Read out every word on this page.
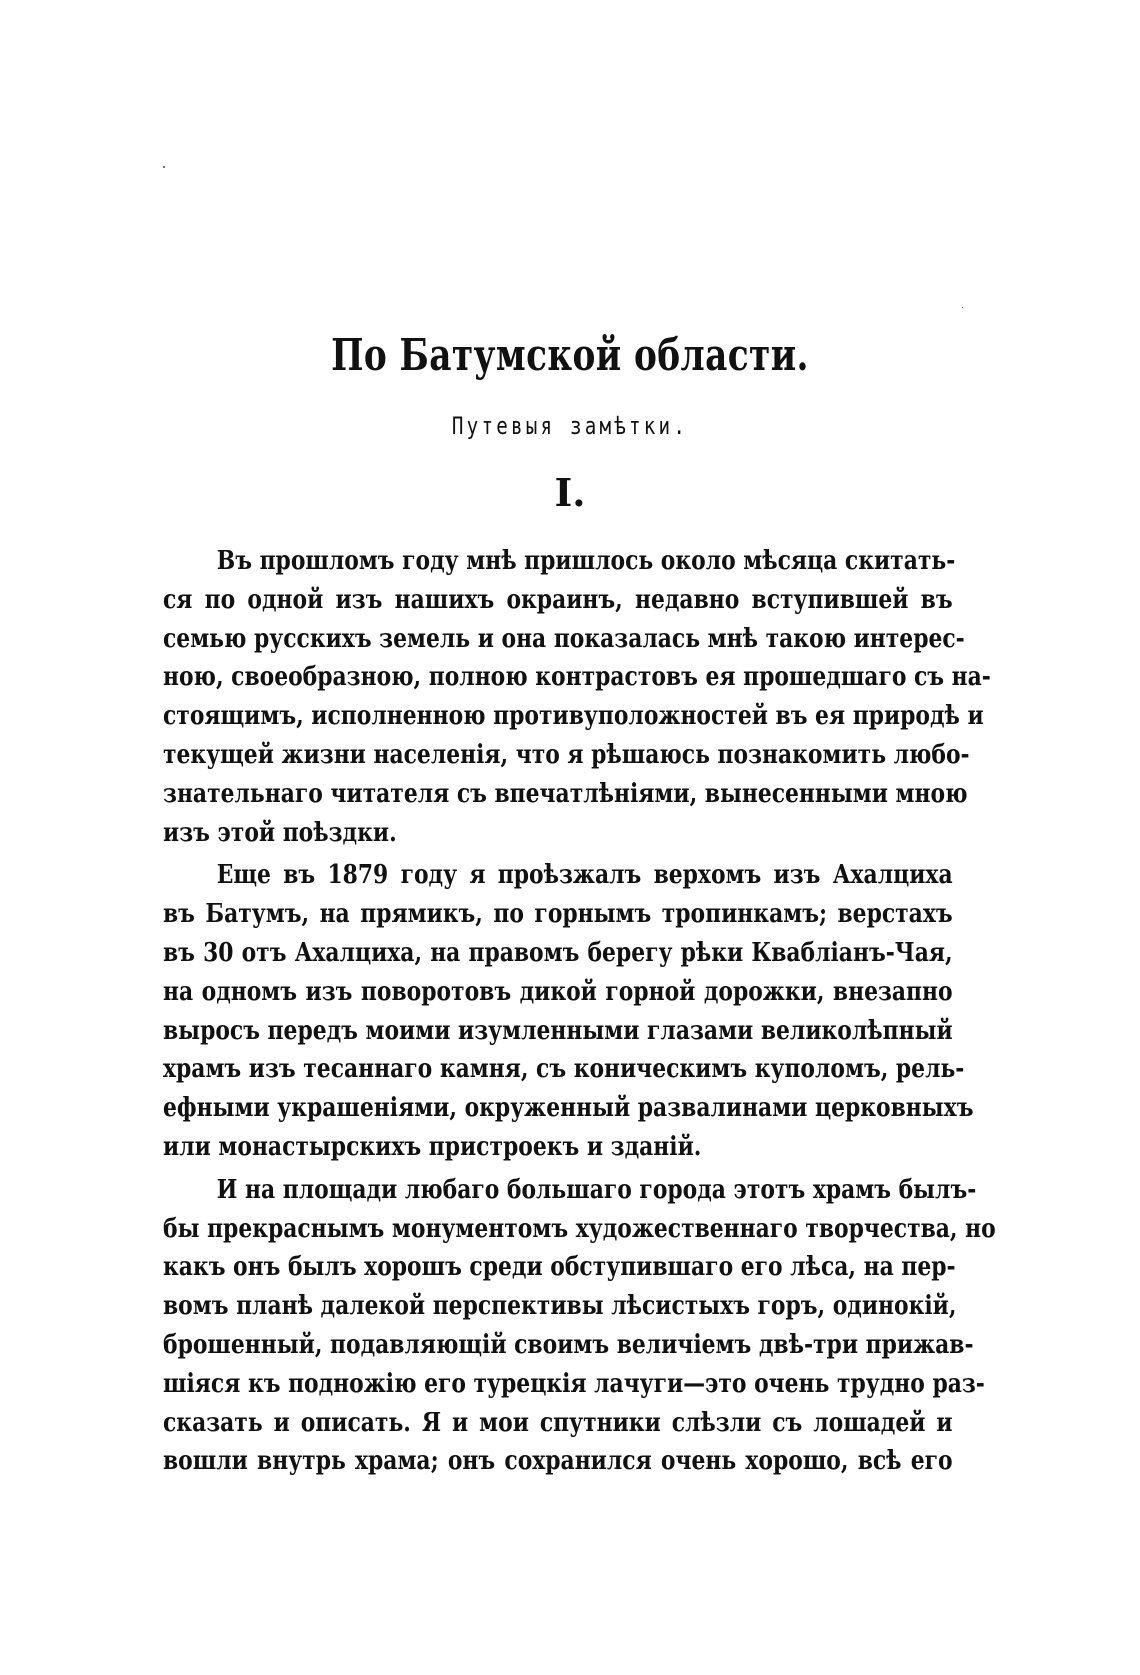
По Батумской области.
Путевыя замѣтки.
I.
Въ прошломъ году мнѣ пришлось около мѣсяца скитать-
ся по одной изъ нашихъ окраинъ, недавно вступившей въ
семью русскихъ земель и она показалась мнѣ такою интерес-
ною, своеобразною, полною контрастовъ ея прошедшаго съ на-
стоящимъ, исполненною противуположностей въ ея природѣ и
текущей жизни населенія, что я рѣшаюсь познакомить любо-
знательнаго читателя съ впечатлѣніями, вынесенными мною
изъ этой поѣздки.
Еще въ 1879 году я проѣзжалъ верхомъ изъ Ахалциха
въ Батумъ, на прямикъ, по горнымъ тропинкамъ; верстахъ
въ 30 отъ Ахалциха, на правомъ берегу рѣки Квабліанъ-Чая,
на одномъ изъ поворотовъ дикой горной дорожки, внезапно
выросъ передъ моими изумленными глазами великолѣпный
храмъ изъ тесаннаго камня, съ коническимъ куполомъ, рель-
ефными украшеніями, окруженный развалинами церковныхъ
или монастырскихъ пристроекъ и зданій.
И на площади любаго большаго города этотъ храмъ былъ-
бы прекраснымъ монументомъ художественнаго творчества, но
какъ онъ былъ хорошъ среди обступившаго его лѣса, на пер-
вомъ планѣ далекой перспективы лѣсистыхъ горъ, одинокій,
брошенный, подавляющій своимъ величіемъ двѣ-три прижав-
шіяся къ подножію его турецкія лачуги—это очень трудно раз-
сказать и описать. Я и мои спутники слѣзли съ лошадей и
вошли внутрь храма; онъ сохранился очень хорошо, всѣ его
